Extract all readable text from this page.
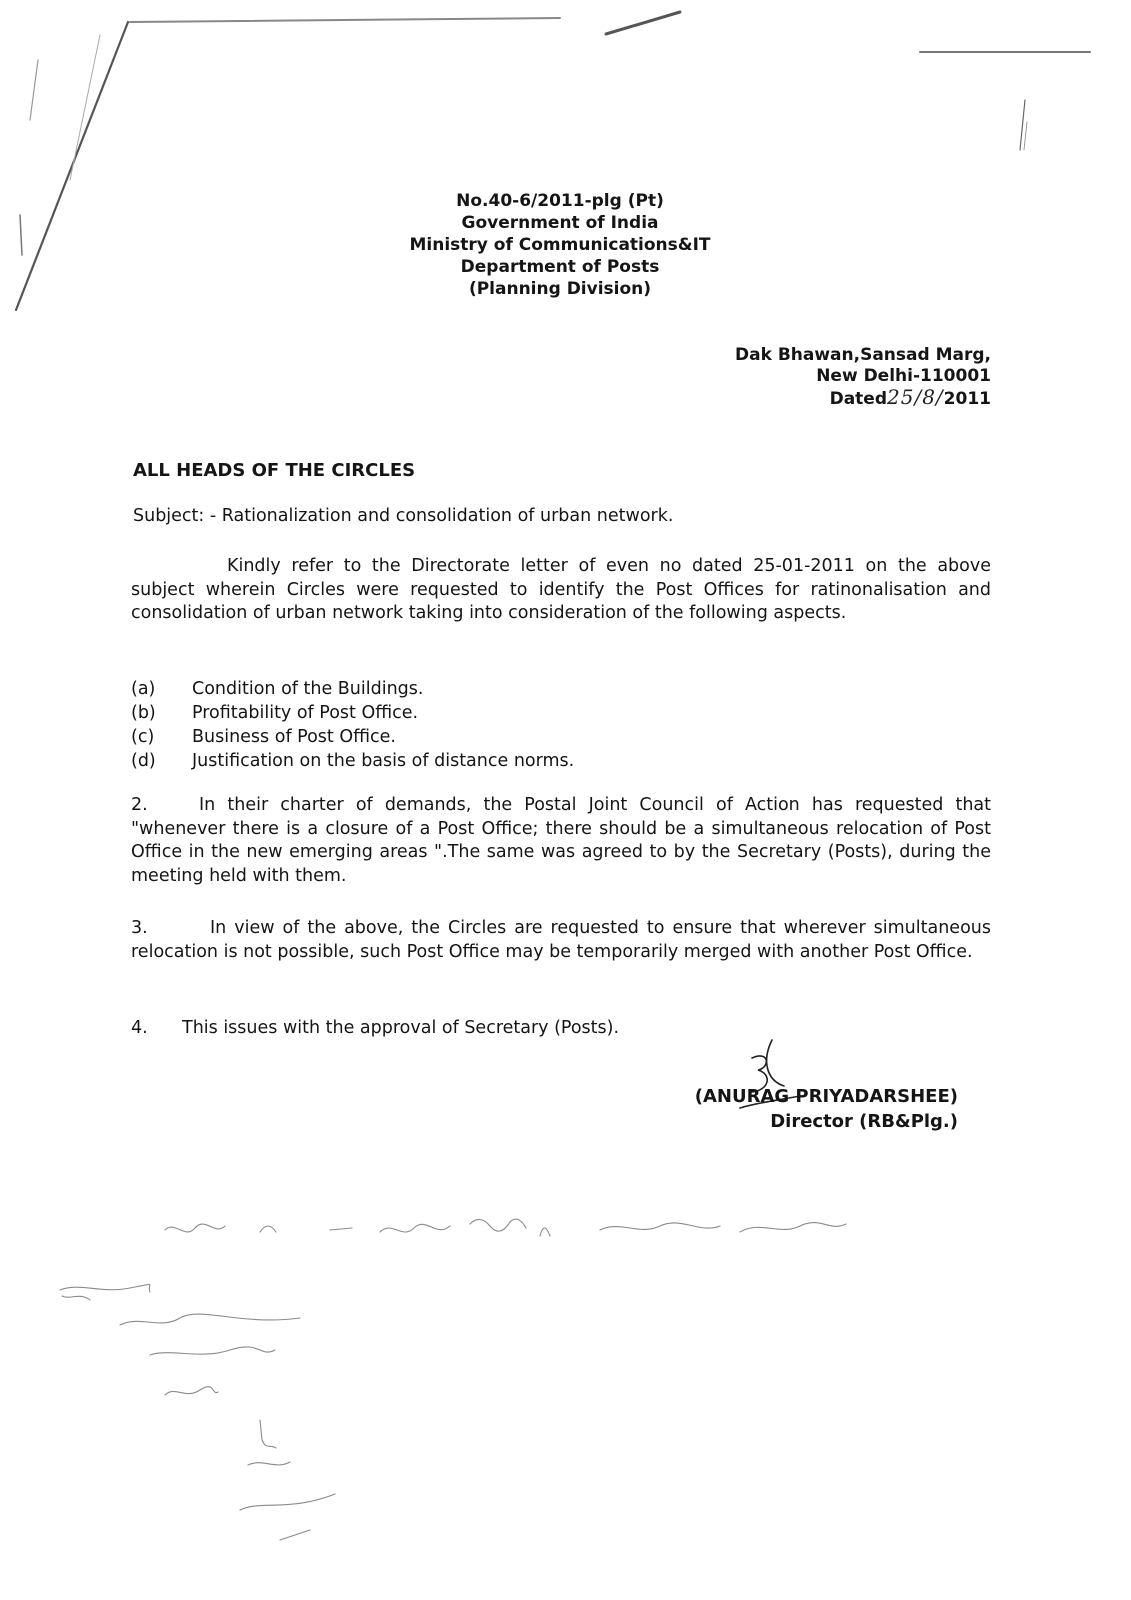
No.40-6/2011-plg (Pt)
Government of India
Ministry of Communications&IT
Department of Posts
(Planning Division)
Dak Bhawan,Sansad Marg,
New Delhi-110001
Dated25/8/2011
ALL HEADS OF THE CIRCLES
Subject: - Rationalization and consolidation of urban network.
Kindly refer to the Directorate letter of even no dated 25-01-2011 on the above subject wherein Circles were requested to identify the Post Offices for ratinonalisation and consolidation of urban network taking into consideration of the following aspects.
(a) Condition of the Buildings.
(b) Profitability of Post Office.
(c) Business of Post Office.
(d) Justification on the basis of distance norms.
2.	In their charter of demands, the Postal Joint Council of Action has requested that "whenever there is a closure of a Post Office; there should be a simultaneous relocation of Post Office in the new emerging areas ".The same was agreed to by the Secretary (Posts), during the meeting held with them.
3.	In view of the above, the Circles are requested to ensure that wherever simultaneous relocation is not possible, such Post Office may be temporarily merged with another Post Office.
4. This issues with the approval of Secretary (Posts).
(ANURAG PRIYADARSHEE)
Director (RB&Plg.)
